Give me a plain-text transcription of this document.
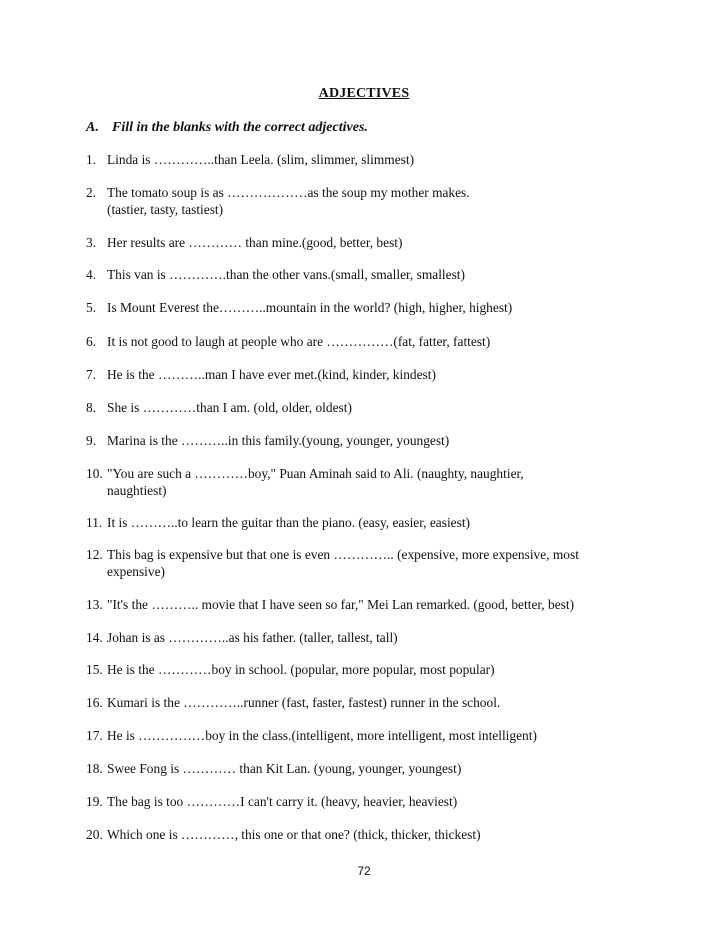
ADJECTIVES
A. Fill in the blanks with the correct adjectives.
1. Linda is …………..than Leela. (slim, slimmer, slimmest)
2. The tomato soup is as ………………as the soup my mother makes.
(tastier, tasty, tastiest)
3. Her results are ………… than mine.(good, better, best)
4. This van is ………….than the other vans.(small, smaller, smallest)
5. Is Mount Everest the………..mountain in the world? (high, higher, highest)
6. It is not good to laugh at people who are ……………(fat, fatter, fattest)
7. He is the ………..man I have ever met.(kind, kinder, kindest)
8. She is …………than I am. (old, older, oldest)
9. Marina is the ………..in this family.(young, younger, youngest)
10. "You are such a …………boy," Puan Aminah said to Ali. (naughty, naughtier,
naughtiest)
11. It is ………..to learn the guitar than the piano. (easy, easier, easiest)
12. This bag is expensive but that one is even ………….. (expensive, more expensive, most
expensive)
13. "It's the ……….. movie that I have seen so far," Mei Lan remarked. (good, better, best)
14. Johan is as …………..as his father. (taller, tallest, tall)
15. He is the …………boy in school. (popular, more popular, most popular)
16. Kumari is the …………..runner (fast, faster, fastest) runner in the school.
17. He is ……………boy in the class.(intelligent, more intelligent, most intelligent)
18. Swee Fong is ………… than Kit Lan. (young, younger, youngest)
19. The bag is too …………I can't carry it. (heavy, heavier, heaviest)
20. Which one is …………, this one or that one? (thick, thicker, thickest)
72
